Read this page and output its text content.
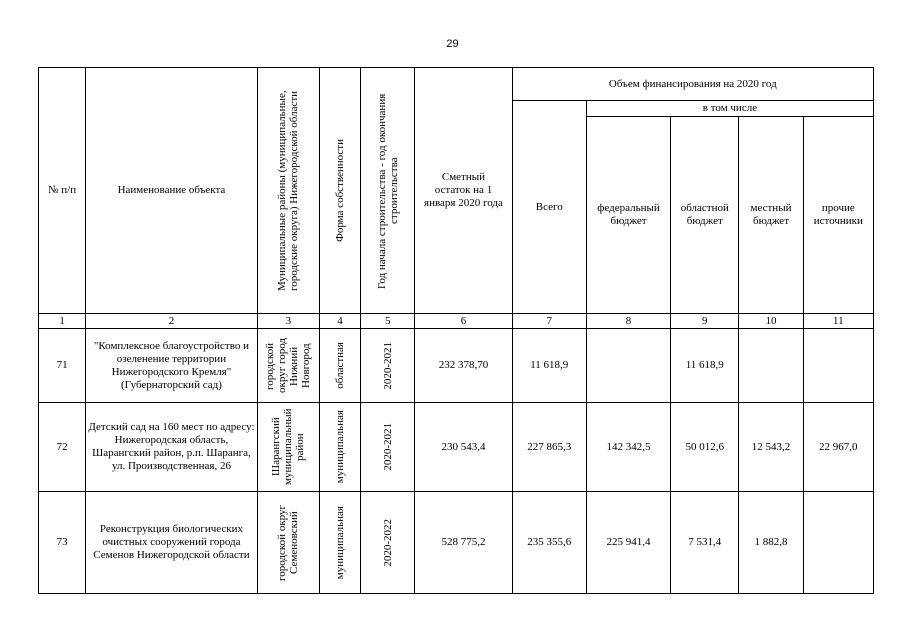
29
№ п/п	Наименование объекта	Муниципальные районы (муниципальные, городские округа) Нижегородской области	Форма собственности	Год начала строительства - год окончания строительства	Сметный остаток на 1 января 2020 года	Объем финансирования на 2020 год				
						Всего	в том числе			
							федеральный бюджет	областной бюджет	местный бюджет	прочие источники
1	2	3	4	5	6	7	8	9	10	11
71	"Комплексное благоустройство и озеленение территории Нижегородского Кремля" (Губернаторский сад)	городской округ город Нижний Новгород	областная	2020-2021	232 378,70	11 618,9		11 618,9		
72	Детский сад на 160 мест по адресу: Нижегородская область, Шарангский район, р.п. Шаранга, ул. Производственная, 26	Шарангский муниципальный район	муниципальная	2020-2021	230 543,4	227 865,3	142 342,5	50 012,6	12 543,2	22 967,0
73	Реконструкция биологических очистных сооружений города Семенов Нижегородской области	городской округ Семеновский	муниципальная	2020-2022	528 775,2	235 355,6	225 941,4	7 531,4	1 882,8	
